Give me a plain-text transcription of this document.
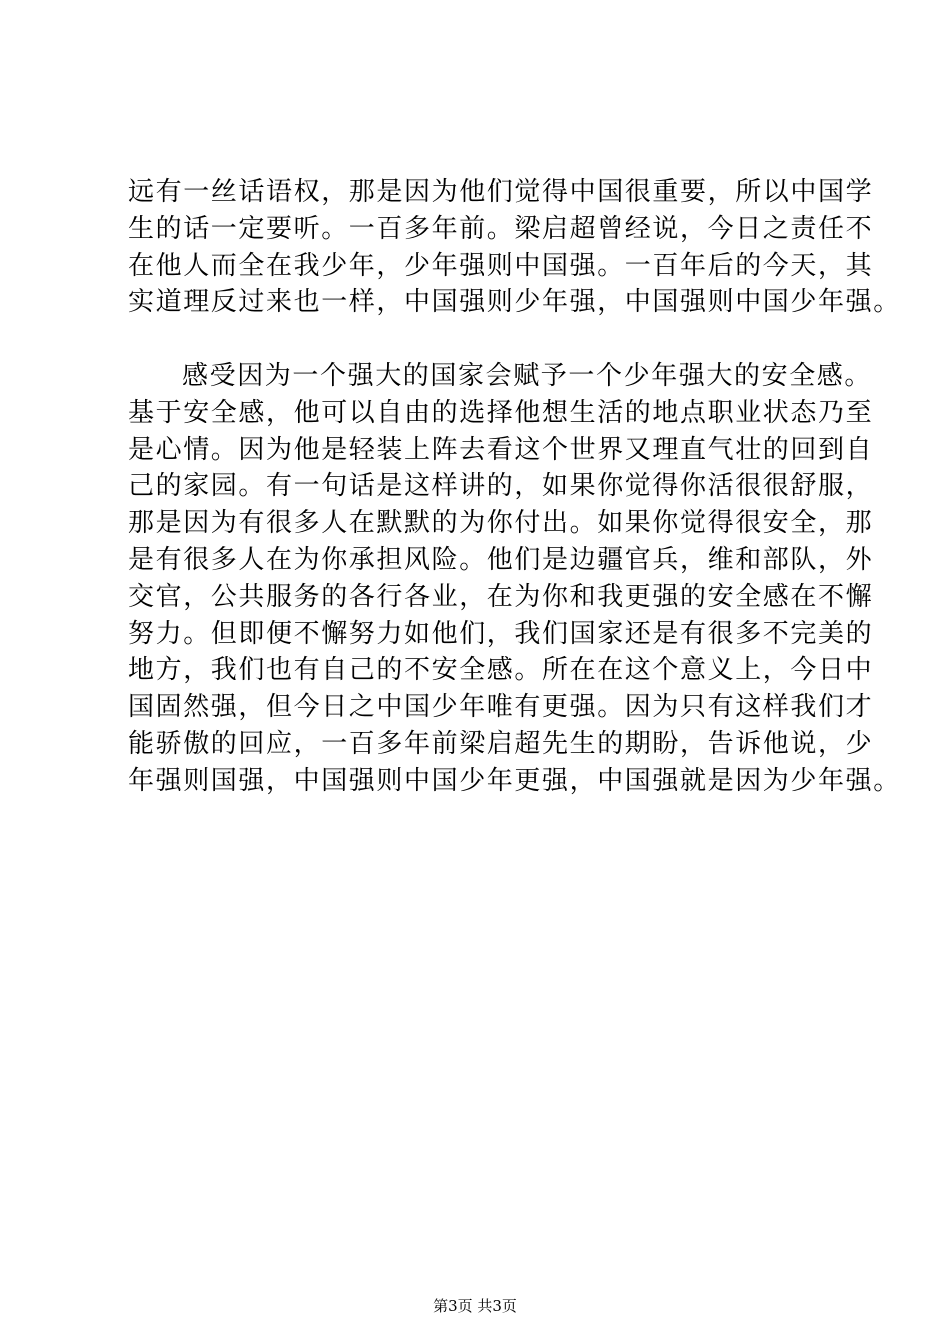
远有一丝话语权，那是因为他们觉得中国很重要，所以中国学
生的话一定要听。一百多年前。梁启超曾经说，今日之责任不
在他人而全在我少年，少年强则中国强。一百年后的今天，其
实道理反过来也一样，中国强则少年强，中国强则中国少年强。
感受因为一个强大的国家会赋予一个少年强大的安全感。
基于安全感，他可以自由的选择他想生活的地点职业状态乃至
是心情。因为他是轻装上阵去看这个世界又理直气壮的回到自
己的家园。有一句话是这样讲的，如果你觉得你活很很舒服，
那是因为有很多人在默默的为你付出。如果你觉得很安全，那
是有很多人在为你承担风险。他们是边疆官兵，维和部队，外
交官，公共服务的各行各业，在为你和我更强的安全感在不懈
努力。但即便不懈努力如他们，我们国家还是有很多不完美的
地方，我们也有自己的不安全感。所在在这个意义上，今日中
国固然强，但今日之中国少年唯有更强。因为只有这样我们才
能骄傲的回应，一百多年前梁启超先生的期盼，告诉他说，少
年强则国强，中国强则中国少年更强，中国强就是因为少年强。
第3页 共3页
